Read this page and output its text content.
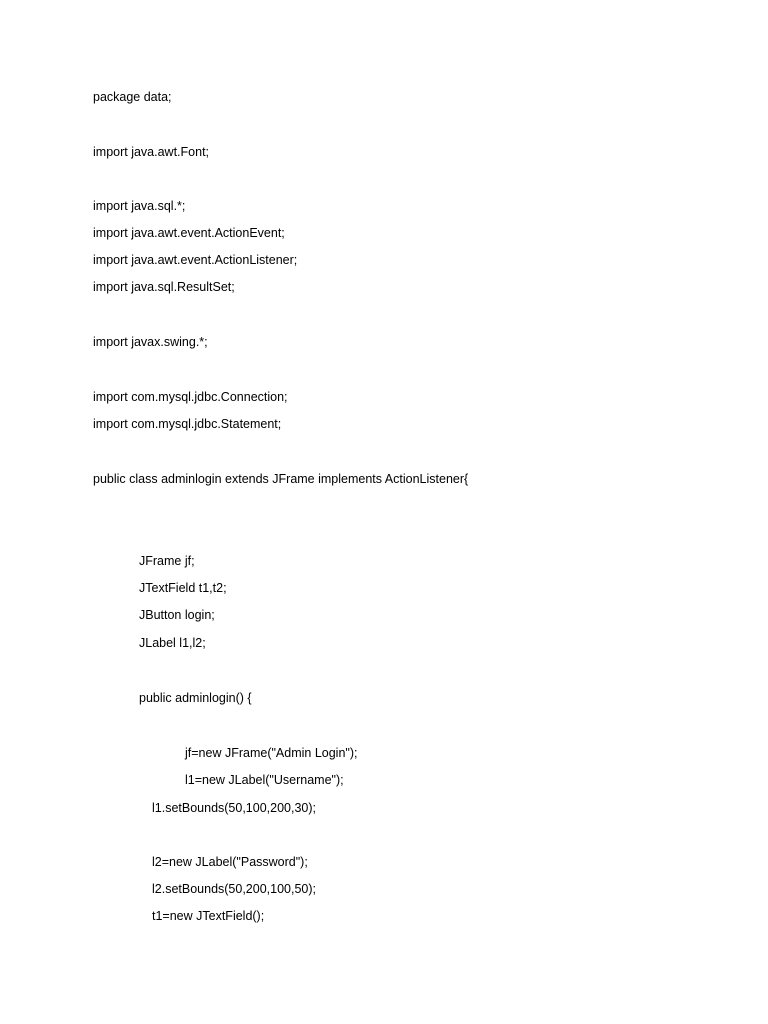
package data;
import java.awt.Font;
import java.sql.*;
import java.awt.event.ActionEvent;
import java.awt.event.ActionListener;
import java.sql.ResultSet;
import javax.swing.*;
import com.mysql.jdbc.Connection;
import com.mysql.jdbc.Statement;
public class adminlogin extends JFrame implements ActionListener{
JFrame jf;
JTextField t1,t2;
JButton login;
JLabel l1,l2;
public adminlogin() {
jf=new JFrame("Admin Login");
l1=new JLabel("Username");
l1.setBounds(50,100,200,30);
l2=new JLabel("Password");
l2.setBounds(50,200,100,50);
t1=new JTextField();
